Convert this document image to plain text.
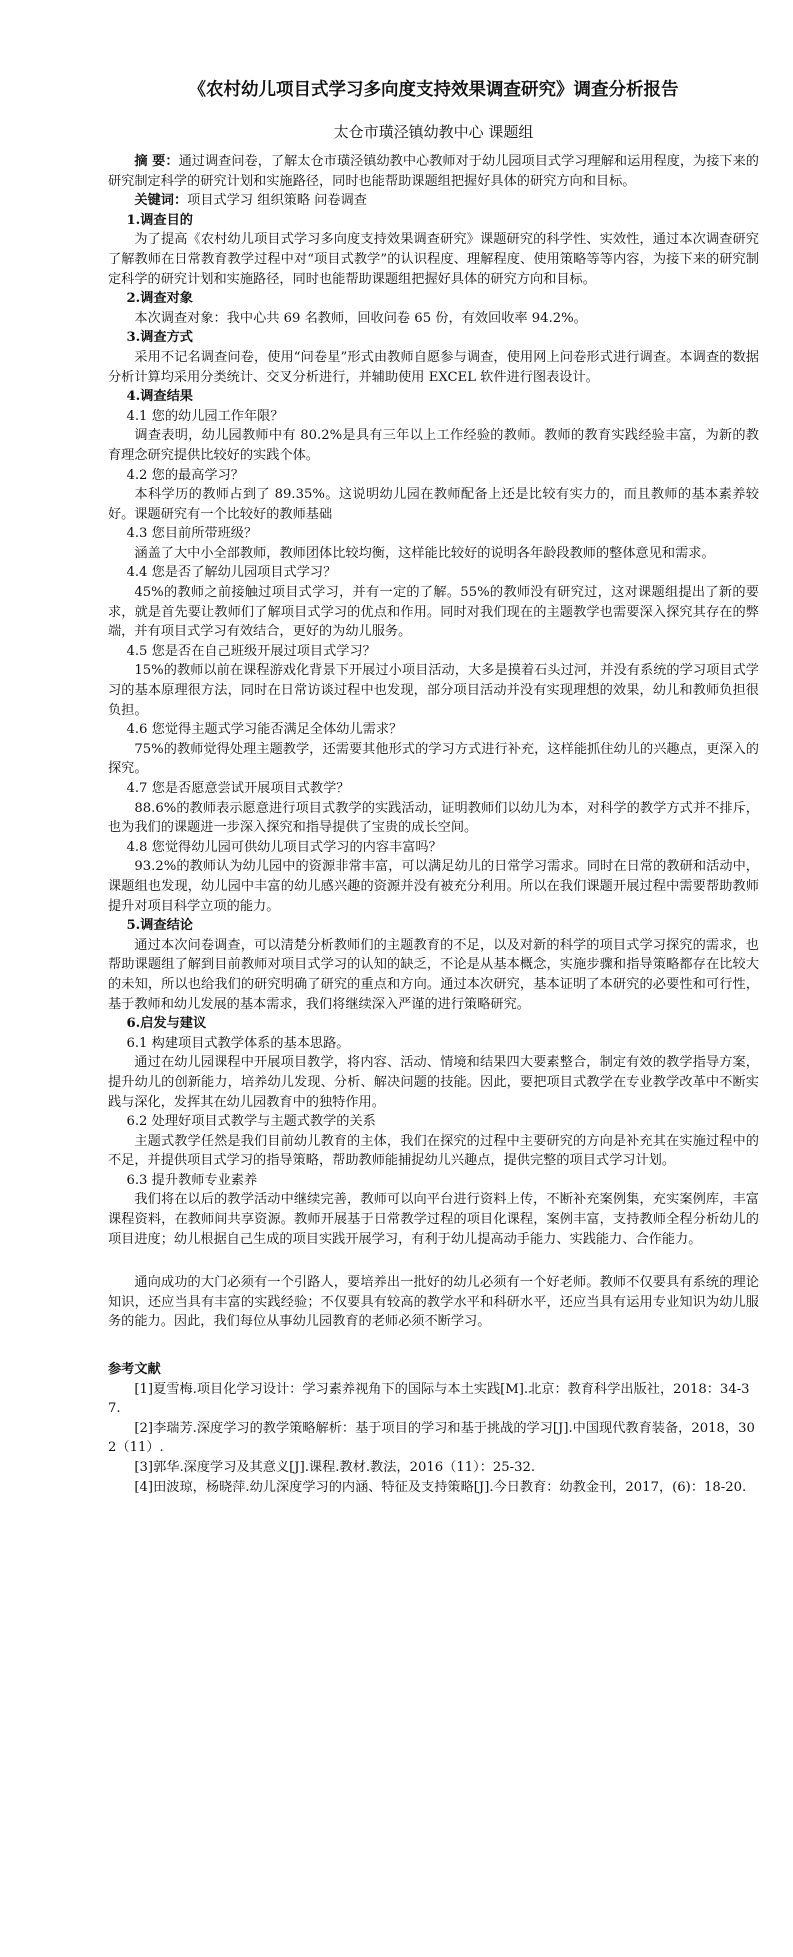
《农村幼儿项目式学习多向度支持效果调查研究》调查分析报告
太仓市璜泾镇幼教中心 课题组

摘 要：通过调查问卷，了解太仓市璜泾镇幼教中心教师对于幼儿园项目式学习理解和运用程度，为接下来的研究制定科学的研究计划和实施路径，同时也能帮助课题组把握好具体的研究方向和目标。

关键词：项目式学习 组织策略 问卷调查

1.调查目的

为了提高《农村幼儿项目式学习多向度支持效果调查研究》课题研究的科学性、实效性，通过本次调查研究了解教师在日常教育教学过程中对“项目式教学”的认识程度、理解程度、使用策略等等内容，为接下来的研究制定科学的研究计划和实施路径，同时也能帮助课题组把握好具体的研究方向和目标。

2.调查对象

本次调查对象：我中心共 69 名教师，回收问卷 65 份，有效回收率 94.2%。

3.调查方式

采用不记名调查问卷，使用“问卷星”形式由教师自愿参与调查，使用网上问卷形式进行调查。本调查的数据分析计算均采用分类统计、交叉分析进行，并辅助使用 EXCEL 软件进行图表设计。

4.调查结果

4.1 您的幼儿园工作年限？

调查表明，幼儿园教师中有 80.2%是具有三年以上工作经验的教师。教师的教育实践经验丰富，为新的教育理念研究提供比较好的实践个体。

4.2 您的最高学习？

本科学历的教师占到了 89.35%。这说明幼儿园在教师配备上还是比较有实力的，而且教师的基本素养较好。课题研究有一个比较好的教师基础

4.3 您目前所带班级？

涵盖了大中小全部教师，教师团体比较均衡，这样能比较好的说明各年龄段教师的整体意见和需求。

4.4 您是否了解幼儿园项目式学习？

45%的教师之前接触过项目式学习，并有一定的了解。55%的教师没有研究过，这对课题组提出了新的要求，就是首先要让教师们了解项目式学习的优点和作用。同时对我们现在的主题教学也需要深入探究其存在的弊端，并有项目式学习有效结合，更好的为幼儿服务。

4.5 您是否在自己班级开展过项目式学习？

15%的教师以前在课程游戏化背景下开展过小项目活动，大多是摸着石头过河，并没有系统的学习项目式学习的基本原理很方法，同时在日常访谈过程中也发现，部分项目活动并没有实现理想的效果，幼儿和教师负担很负担。

4.6 您觉得主题式学习能否满足全体幼儿需求？

75%的教师觉得处理主题教学，还需要其他形式的学习方式进行补充，这样能抓住幼儿的兴趣点，更深入的探究。

4.7 您是否愿意尝试开展项目式教学？

88.6%的教师表示愿意进行项目式教学的实践活动，证明教师们以幼儿为本，对科学的教学方式并不排斥，也为我们的课题进一步深入探究和指导提供了宝贵的成长空间。

4.8 您觉得幼儿园可供幼儿项目式学习的内容丰富吗？

93.2%的教师认为幼儿园中的资源非常丰富，可以满足幼儿的日常学习需求。同时在日常的教研和活动中，课题组也发现，幼儿园中丰富的幼儿感兴趣的资源并没有被充分利用。所以在我们课题开展过程中需要帮助教师提升对项目科学立项的能力。

5.调查结论

通过本次问卷调查，可以清楚分析教师们的主题教育的不足，以及对新的科学的项目式学习探究的需求，也帮助课题组了解到目前教师对项目式学习的认知的缺乏，不论是从基本概念，实施步骤和指导策略都存在比较大的未知，所以也给我们的研究明确了研究的重点和方向。通过本次研究，基本证明了本研究的必要性和可行性，基于教师和幼儿发展的基本需求，我们将继续深入严谨的进行策略研究。

6.启发与建议

6.1 构建项目式教学体系的基本思路。

通过在幼儿园课程中开展项目教学，将内容、活动、情境和结果四大要素整合，制定有效的教学指导方案，提升幼儿的创新能力，培养幼儿发现、分析、解决问题的技能。因此，要把项目式教学在专业教学改革中不断实践与深化，发挥其在幼儿园教育中的独特作用。

6.2 处理好项目式教学与主题式教学的关系

主题式教学任然是我们目前幼儿教育的主体，我们在探究的过程中主要研究的方向是补充其在实施过程中的不足，并提供项目式学习的指导策略，帮助教师能捕捉幼儿兴趣点，提供完整的项目式学习计划。

6.3 提升教师专业素养

我们将在以后的教学活动中继续完善，教师可以向平台进行资料上传，不断补充案例集，充实案例库，丰富课程资料，在教师间共享资源。教师开展基于日常教学过程的项目化课程，案例丰富，支持教师全程分析幼儿的项目进度；幼儿根据自己生成的项目实践开展学习，有利于幼儿提高动手能力、实践能力、合作能力。

通向成功的大门必须有一个引路人，要培养出一批好的幼儿必须有一个好老师。教师不仅要具有系统的理论知识，还应当具有丰富的实践经验；不仅要具有较高的教学水平和科研水平，还应当具有运用专业知识为幼儿服务的能力。因此，我们每位从事幼儿园教育的老师必须不断学习。

参考文献

[1]夏雪梅.项目化学习设计：学习素养视角下的国际与本土实践[M].北京：教育科学出版社，2018：34-37.

[2]李瑞芳.深度学习的教学策略解析：基于项目的学习和基于挑战的学习[J].中国现代教育装备，2018，302（11）.

[3]郭华.深度学习及其意义[J].课程.教材.教法，2016（11）：25-32.

[4]田波琼，杨晓萍.幼儿深度学习的内涵、特征及支持策略[J].今日教育：幼教金刊，2017，(6)：18-20.
